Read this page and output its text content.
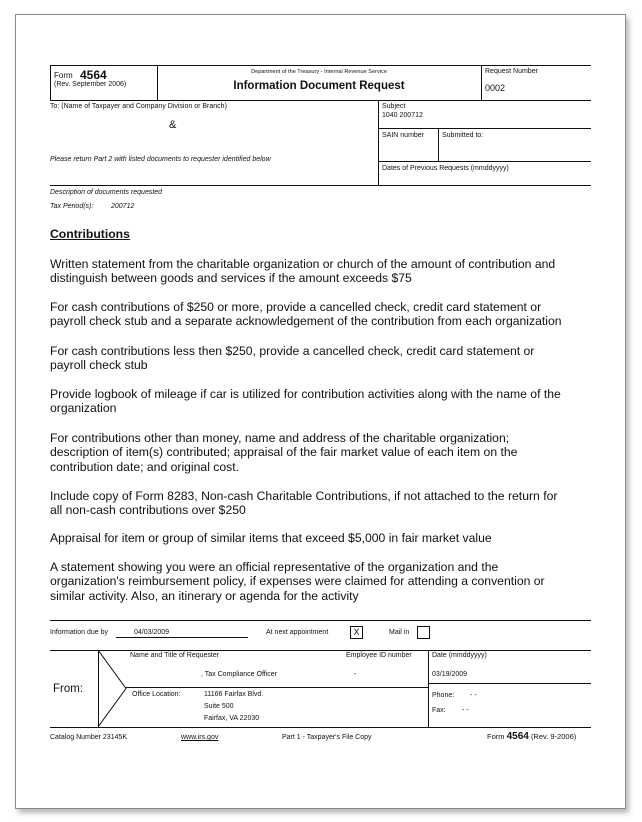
Form 4564
(Rev. September 2006)
Department of the Treasury - Internal Revenue Service
Information Document Request
Request Number
0002
To: (Name of Taxpayer and Company Division or Branch)
&
Please return Part 2 with listed documents to requester identified below
Subject
1040 200712
SAIN number	Submitted to:
Dates of Previous Requests (mmddyyyy)
Description of documents requested
Tax Period(s):	200712
Contributions
Written statement from the charitable organization or church of the amount of contribution and distinguish between goods and services if the amount exceeds $75
For cash contributions of $250 or more, provide a cancelled check, credit card statement or payroll check stub and a separate acknowledgement of the contribution from each organization
For cash contributions less then $250, provide a cancelled check, credit card statement or payroll check stub
Provide logbook of mileage if car is utilized for contribution activities along with the name of the organization
For contributions other than money, name and address of the charitable organization; description of item(s) contributed; appraisal of the fair market value of each item on the contribution date; and original cost.
Include copy of Form 8283, Non-cash Charitable Contributions, if not attached to the return for all non-cash contributions over $250
Appraisal for item or group of similar items that exceed $5,000 in fair market value
A statement showing you were an official representative of the organization and the organization's reimbursement policy, if expenses were claimed for attending a convention or similar activity. Also, an itinerary or agenda for the activity
Information due by	04/03/2009	At next appointment	X	Mail in
From:
Name and Title of Requester
, Tax Compliance Officer
Employee ID number
-
Date (mmddyyyy)
03/19/2009
Office Location:	11166 Fairfax Blvd.
Suite 500
Fairfax, VA 22030
Phone: - -
Fax: - -
Catalog Number 23145K	www.irs.gov	Part 1 - Taxpayer's File Copy	Form 4564 (Rev. 9-2006)
